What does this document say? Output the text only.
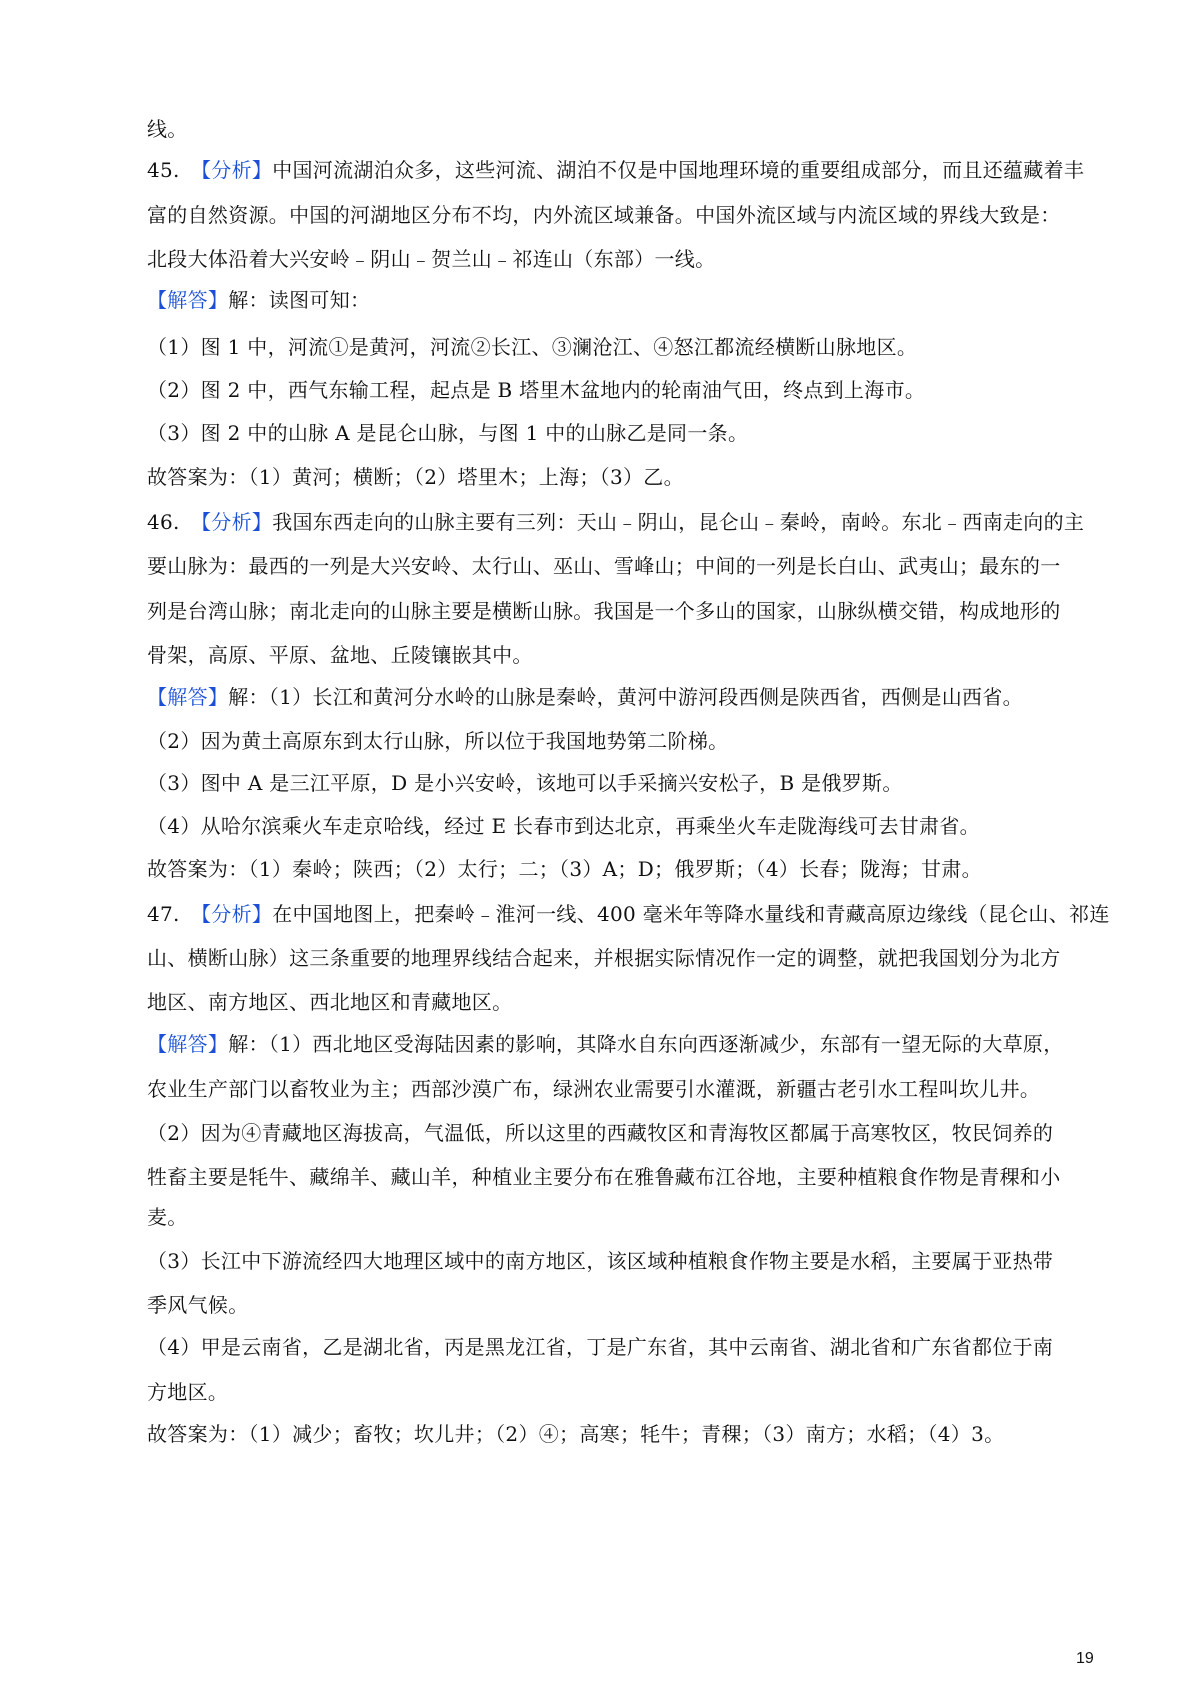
线。
45. 【分析】中国河流湖泊众多，这些河流、湖泊不仅是中国地理环境的重要组成部分，而且还蕴藏着丰
富的自然资源。中国的河湖地区分布不均，内外流区域兼备。中国外流区域与内流区域的界线大致是：
北段大体沿着大兴安岭﹣阴山﹣贺兰山﹣祁连山（东部）一线。
【解答】解：读图可知：
（1）图 1 中，河流①是黄河，河流②长江、③澜沧江、④怒江都流经横断山脉地区。
（2）图 2 中，西气东输工程，起点是 B 塔里木盆地内的轮南油气田，终点到上海市。
（3）图 2 中的山脉 A 是昆仑山脉，与图 1 中的山脉乙是同一条。
故答案为：（1）黄河；横断；（2）塔里木；上海；（3）乙。
46. 【分析】我国东西走向的山脉主要有三列：天山﹣阴山，昆仑山﹣秦岭，南岭。东北﹣西南走向的主
要山脉为：最西的一列是大兴安岭、太行山、巫山、雪峰山；中间的一列是长白山、武夷山；最东的一
列是台湾山脉；南北走向的山脉主要是横断山脉。我国是一个多山的国家，山脉纵横交错，构成地形的
骨架，高原、平原、盆地、丘陵镶嵌其中。
【解答】解：（1）长江和黄河分水岭的山脉是秦岭，黄河中游河段西侧是陕西省，西侧是山西省。
（2）因为黄土高原东到太行山脉，所以位于我国地势第二阶梯。
（3）图中 A 是三江平原，D 是小兴安岭，该地可以手采摘兴安松子，B 是俄罗斯。
（4）从哈尔滨乘火车走京哈线，经过 E 长春市到达北京，再乘坐火车走陇海线可去甘肃省。
故答案为：（1）秦岭；陕西；（2）太行；二；（3）A；D；俄罗斯；（4）长春；陇海；甘肃。
47. 【分析】在中国地图上，把秦岭﹣淮河一线、400 毫米年等降水量线和青藏高原边缘线（昆仑山、祁连
山、横断山脉）这三条重要的地理界线结合起来，并根据实际情况作一定的调整，就把我国划分为北方
地区、南方地区、西北地区和青藏地区。
【解答】解：（1）西北地区受海陆因素的影响，其降水自东向西逐渐减少，东部有一望无际的大草原，
农业生产部门以畜牧业为主；西部沙漠广布，绿洲农业需要引水灌溉，新疆古老引水工程叫坎儿井。
（2）因为④青藏地区海拔高，气温低，所以这里的西藏牧区和青海牧区都属于高寒牧区，牧民饲养的
牲畜主要是牦牛、藏绵羊、藏山羊，种植业主要分布在雅鲁藏布江谷地，主要种植粮食作物是青稞和小
麦。
（3）长江中下游流经四大地理区域中的南方地区，该区域种植粮食作物主要是水稻，主要属于亚热带
季风气候。
（4）甲是云南省，乙是湖北省，丙是黑龙江省，丁是广东省，其中云南省、湖北省和广东省都位于南
方地区。
故答案为：（1）减少；畜牧；坎儿井；（2）④；高寒；牦牛；青稞；（3）南方；水稻；（4）3。
19
